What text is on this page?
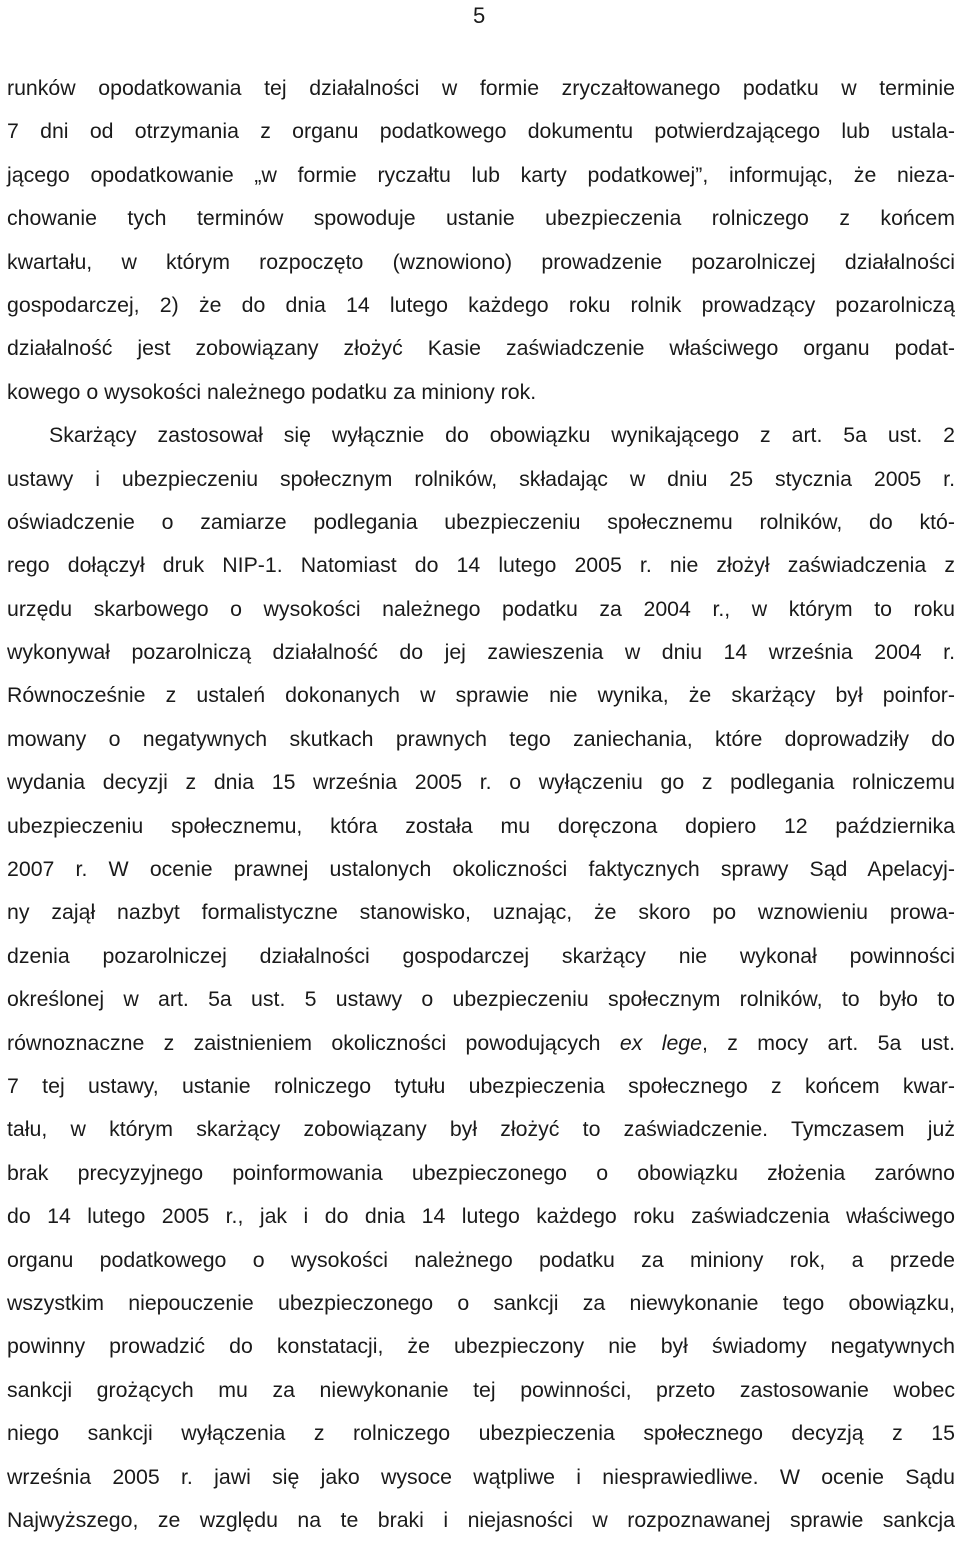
5
runków opodatkowania tej działalności w formie zryczałtowanego podatku w terminie
7 dni od otrzymania z organu podatkowego dokumentu potwierdzającego lub ustala-
jącego opodatkowanie „w formie ryczałtu lub karty podatkowej”, informując, że nieza-
chowanie tych terminów spowoduje ustanie ubezpieczenia rolniczego z końcem
kwartału, w którym rozpoczęto (wznowiono) prowadzenie pozarolniczej działalności
gospodarczej, 2) że do dnia 14 lutego każdego roku rolnik prowadzący pozarolniczą
działalność jest zobowiązany złożyć Kasie zaświadczenie właściwego organu podat-
kowego o wysokości należnego podatku za miniony rok.
Skarżący zastosował się wyłącznie do obowiązku wynikającego z art. 5a ust. 2
ustawy i ubezpieczeniu społecznym rolników, składając w dniu 25 stycznia 2005 r.
oświadczenie o zamiarze podlegania ubezpieczeniu społecznemu rolników, do któ-
rego dołączył druk NIP-1. Natomiast do 14 lutego 2005 r. nie złożył zaświadczenia z
urzędu skarbowego o wysokości należnego podatku za 2004 r., w którym to roku
wykonywał pozarolniczą działalność do jej zawieszenia w dniu 14 września 2004 r.
Równocześnie z ustaleń dokonanych w sprawie nie wynika, że skarżący był poinfor-
mowany o negatywnych skutkach prawnych tego zaniechania, które doprowadziły do
wydania decyzji z dnia 15 września 2005 r. o wyłączeniu go z podlegania rolniczemu
ubezpieczeniu społecznemu, która została mu doręczona dopiero 12 października
2007 r. W ocenie prawnej ustalonych okoliczności faktycznych sprawy Sąd Apelacyj-
ny zajął nazbyt formalistyczne stanowisko, uznając, że skoro po wznowieniu prowa-
dzenia pozarolniczej działalności gospodarczej skarżący nie wykonał powinności
określonej w art. 5a ust. 5 ustawy o ubezpieczeniu społecznym rolników, to było to
równoznaczne z zaistnieniem okoliczności powodujących ex lege, z mocy art. 5a ust.
7 tej ustawy, ustanie rolniczego tytułu ubezpieczenia społecznego z końcem kwar-
tału, w którym skarżący zobowiązany był złożyć to zaświadczenie. Tymczasem już
brak precyzyjnego poinformowania ubezpieczonego o obowiązku złożenia zarówno
do 14 lutego 2005 r., jak i do dnia 14 lutego każdego roku zaświadczenia właściwego
organu podatkowego o wysokości należnego podatku za miniony rok, a przede
wszystkim niepouczenie ubezpieczonego o sankcji za niewykonanie tego obowiązku,
powinny prowadzić do konstatacji, że ubezpieczony nie był świadomy negatywnych
sankcji grożących mu za niewykonanie tej powinności, przeto zastosowanie wobec
niego sankcji wyłączenia z rolniczego ubezpieczenia społecznego decyzją z 15
września 2005 r. jawi się jako wysoce wątpliwe i niesprawiedliwe. W ocenie Sądu
Najwyższego, ze względu na te braki i niejasności w rozpoznawanej sprawie sankcja
